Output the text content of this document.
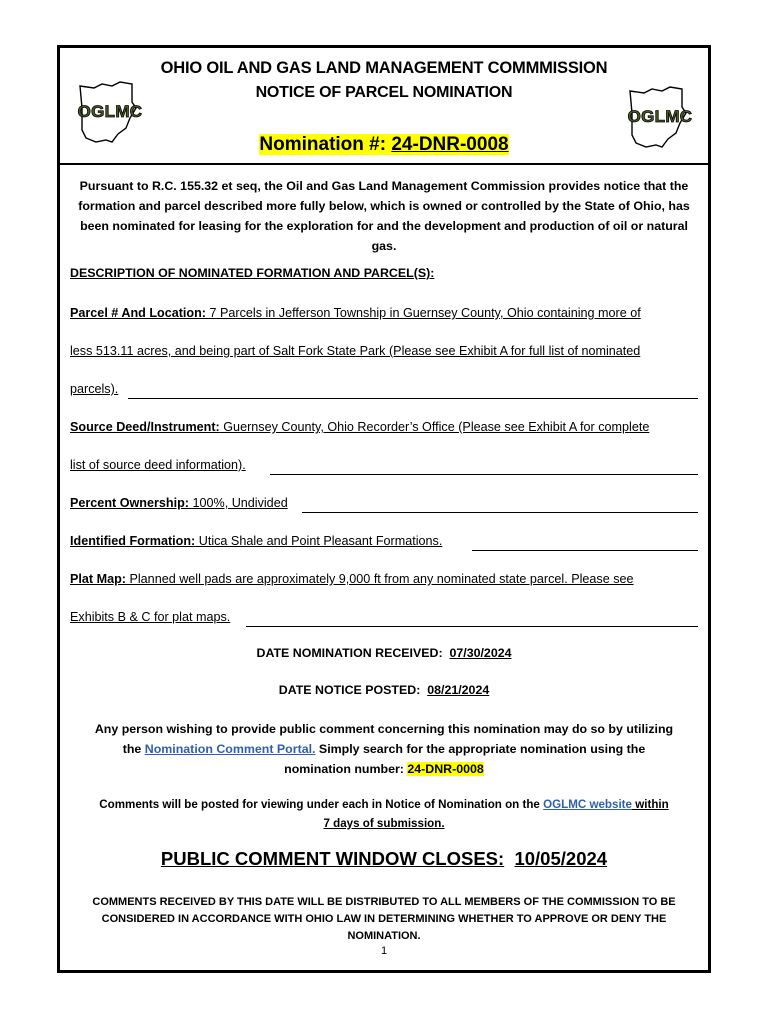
OGLMC
OHIO OIL AND GAS LAND MANAGEMENT COMMMISSION
NOTICE OF PARCEL NOMINATION
Nomination #: 24-DNR-0008
OGLMC
Pursuant to R.C. 155.32 et seq, the Oil and Gas Land Management Commission provides notice that the formation and parcel described more fully below, which is owned or controlled by the State of Ohio, has been nominated for leasing for the exploration for and the development and production of oil or natural gas.
DESCRIPTION OF NOMINATED FORMATION AND PARCEL(S):
Parcel # And Location: 7 Parcels in Jefferson Township in Guernsey County, Ohio containing more of
less 513.11 acres, and being part of Salt Fork State Park (Please see Exhibit A for full list of nominated
parcels).
Source Deed/Instrument: Guernsey County, Ohio Recorder’s Office (Please see Exhibit A for complete
list of source deed information).
Percent Ownership: 100%, Undivided
Identified Formation: Utica Shale and Point Pleasant Formations.
Plat Map: Planned well pads are approximately 9,000 ft from any nominated state parcel. Please see
Exhibits B & C for plat maps.
DATE NOMINATION RECEIVED: 07/30/2024
DATE NOTICE POSTED: 08/21/2024
Any person wishing to provide public comment concerning this nomination may do so by utilizing
the Nomination Comment Portal. Simply search for the appropriate nomination using the
nomination number: 24-DNR-0008
Comments will be posted for viewing under each in Notice of Nomination on the OGLMC website within
7 days of submission.
PUBLIC COMMENT WINDOW CLOSES: 10/05/2024
COMMENTS RECEIVED BY THIS DATE WILL BE DISTRIBUTED TO ALL MEMBERS OF THE COMMISSION TO BE CONSIDERED IN ACCORDANCE WITH OHIO LAW IN DETERMINING WHETHER TO APPROVE OR DENY THE NOMINATION.
1
